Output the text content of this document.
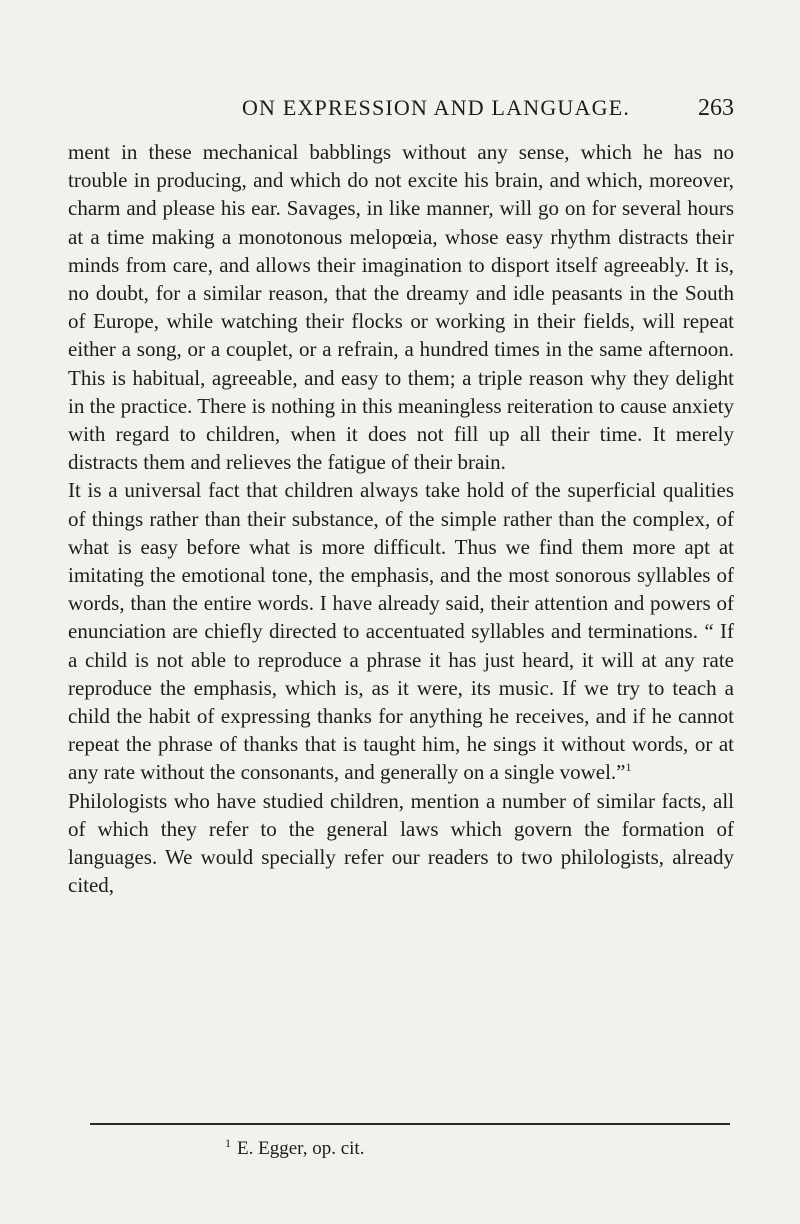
ON EXPRESSION AND LANGUAGE.	263

ment in these mechanical babblings without any sense, which he has no trouble in producing, and which do not excite his brain, and which, moreover, charm and please his ear. Savages, in like manner, will go on for several hours at a time making a monotonous melopœia, whose easy rhythm distracts their minds from care, and allows their imagination to disport itself agreeably. It is, no doubt, for a similar reason, that the dreamy and idle peasants in the South of Europe, while watching their flocks or working in their fields, will repeat either a song, or a couplet, or a refrain, a hundred times in the same afternoon. This is habitual, agreeable, and easy to them; a triple reason why they delight in the practice. There is nothing in this meaningless reiteration to cause anxiety with regard to children, when it does not fill up all their time. It merely distracts them and relieves the fatigue of their brain.

It is a universal fact that children always take hold of the superficial qualities of things rather than their substance, of the simple rather than the complex, of what is easy before what is more difficult. Thus we find them more apt at imitating the emotional tone, the emphasis, and the most sonorous syllables of words, than the entire words. I have already said, their attention and powers of enunciation are chiefly directed to accentuated syllables and terminations. “ If a child is not able to reproduce a phrase it has just heard, it will at any rate reproduce the emphasis, which is, as it were, its music. If we try to teach a child the habit of expressing thanks for anything he receives, and if he cannot repeat the phrase of thanks that is taught him, he sings it without words, or at any rate without the consonants, and generally on a single vowel.”$^1$

Philologists who have studied children, mention a number of similar facts, all of which they refer to the general laws which govern the formation of languages. We would specially refer our readers to two philologists, already cited,

$^1$ E. Egger, op. cit.
